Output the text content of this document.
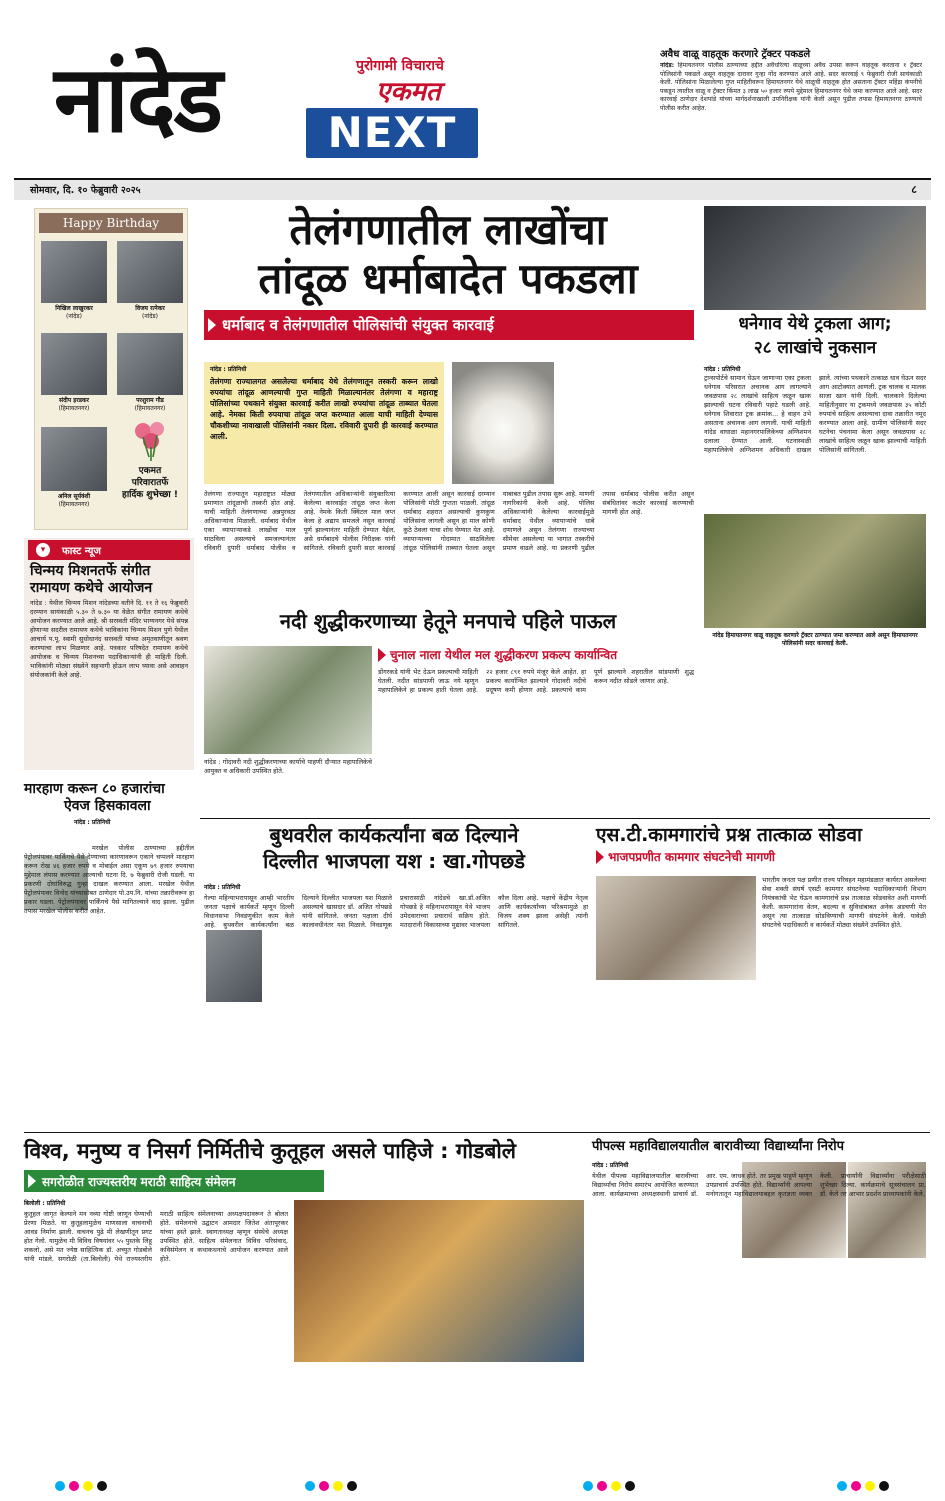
नांदेड	पुरोगामी विचाराचे
एकमत
NEXT
अवैध वाळू वाहतूक करणारे ट्रॅक्टर पकडले
नांदेड: हिमायतनगर पोलीस ठाण्याच्या हद्दीत अवैधरित्या वाळूच्या अवैध उपसा करून वाहतूक करताना १ ट्रॅक्टर पोलिसांनी पकडले असून वाहतूक दारावर गुन्हा नोंद करण्यात आले आहे. सदर कारवाई ९ फेब्रुवारी रोजी सायंकाळी केली. पोलिसांना मिळालेल्या गुप्त माहितीवरून हिमायतनगर येथे वाळूची वाहतूक होत असताना ट्रॅक्टर महिंद्रा कंपनीचे पकडून त्यातील वाळू व ट्रॅक्टर किंमत ३ लाख ५० हजार रुपये मुद्देमाल हिमायतनगर येथे जमा करण्यात आले आहे. सदर कारवाई ठाणेदार देशपांडे यांच्या मार्गदर्शनाखाली उपनिरीक्षक यांनी केली असून पुढील तपास हिमायतनगर ठाण्याचे पोलीस करीत आहेत.
सोमवार, दि. १० फेब्रुवारी २०२५	८
Happy Birthday
निखिल लाखुरकर
(नांदेड)
विजय रत्नेकर
(नांदेड)
संदीप इरडकर
(हिमायतनगर)
परशुराम गौड
(हिमायतनगर)
अनिल सूर्यवंशी
(हिमायतनगर)
एकमत
परिवारातर्फे
हार्दिक शुभेच्छा !
▾	फास्ट न्यूज
चिन्मय मिशनतर्फे संगीत
रामायण कथेचे आयोजन
नांदेड : येथील चिन्मय मिशन नांदेडच्या वतीने दि. ११ ते १६ फेब्रुवारी दरम्यान सायंकाळी ५.३० ते ७.३० या वेळेत संगीत रामायण कथेचे आयोजन करण्यात आले आहे. श्री सरस्वती मंदिर भाग्यनगर येथे संपन्न होणाऱ्या सदरील रामायण कथेचे भाविकांना चिन्मय मिशन पुणे येथील आचार्य प.पू. स्वामी सुधोधानंद सरस्वती यांच्या अमृतवाणीतून श्रवण करण्याचा लाभ मिळणार आहे. पत्रकार परिषदेत रामायण कथेचे आयोजक व चिन्मय मिशनच्या पदाधिकाऱ्यांनी ही माहिती दिली. भाविकांनी मोठ्या संख्येने सहभागी होऊन लाभ घ्यावा असे आवाहन संयोजकांनी केले आहे.
मारहाण करून ८० हजारांचा
ऐवज हिसकावला
नांदेड : प्रतिनिधी
मरखेल पोलीस ठाण्याच्या हद्दीतील पेट्रोलपंपावर पार्किंगचे पैसे देण्याच्या कारणावरून एकाने चप्पलने मारहाण करून रोख ४६ हजार रुपये व मोबाईल असा एकूण ७९ हजार रुपयाचा मुद्देमाल लंपास करण्यात आल्याची घटना दि. ७ फेब्रुवारी रोजी घडली. या प्रकरणी दोघांविरुद्ध गुन्हा दाखल करण्यात आला. मरखेल येथील पेट्रोलपंपावर विनोद यांच्यासोबत ठाणेदार पो.उप.नि. यांच्या तक्रारीवरून हा प्रकार घडला. पेट्रोलपंपावर पार्किंगचे पैसे मागितल्याने वाद झाला. पुढील तपास मरखेल पोलीस करीत आहेत.
तेलंगणातील लाखोंचा
तांदूळ धर्माबादेत पकडला
धर्माबाद व तेलंगणातील पोलिसांची संयुक्त कारवाई
नांदेड : प्रतिनिधी
तेलंगणा राज्यालगत असलेल्या धर्माबाद येथे तेलंगणातून तस्करी करून लाखो रुपयांचा तांदूळ आणल्याची गुप्त माहिती मिळाल्यानंतर तेलंगणा व महाराष्ट्र पोलिसांच्या पथकाने संयुक्त कारवाई करीत लाखो रुपयांचा तांदूळ ताब्यात घेतला आहे. नेमका किती रुपयाचा तांदूळ जप्त करण्यात आला याची माहिती देण्यास चौकशीच्या नावाखाली पोलिसांनी नकार दिला. रविवारी दुपारी ही कारवाई करण्यात आली.
तेलंगणा राज्यातून महाराष्ट्रात मोठ्या प्रमाणात तांदूळाची तस्करी होत आहे. याची माहिती तेलंगणाच्या अन्नपुरवठा अधिकाऱ्यांना मिळाली. धर्माबाद येथील एका व्यापाऱ्याकडे लाखोंचा माल साठविला असल्याचे समजल्यानंतर रविवारी दुपारी धर्माबाद पोलीस व तेलंगणातील अधिकाऱ्यांनी संयुक्तरित्या केलेल्या कारवाईत तांदूळ जप्त केला आहे. नेमके किती क्विंटल माल जप्त केला हे अद्याप समजले नसून कारवाई पूर्ण झाल्यानंतर माहिती देण्यात येईल, असे धर्माबादचे पोलीस निरीक्षक यांनी सांगितले. रविवारी दुपारी सदर कारवाई करण्यात आली असून कारवाई दरम्यान पोलिसांनी मोठी गुप्तता पाळली. तांदूळ धर्माबाद शहरात असल्याची कुणकुण पोलिसांना लागली असून हा माल कोणी कुठे ठेवला याचा शोध घेण्यात येत आहे. व्यापाऱ्याच्या गोदामात साठविलेला तांदूळ पोलिसांनी ताब्यात घेतला असून याबाबत पुढील तपास सुरू आहे. माणगी नागरिकांनी केली आहे. पोलिस अधिकाऱ्यांनी केलेल्या कारवाईमुळे धर्माबाद येथील व्यापाऱ्यांचे धाबे दणाणले असून तेलंगणा राज्याच्या सीमेवर असलेल्या या भागात तस्करीचे प्रमाण वाढले आहे. या प्रकरणी पुढील तपास धर्माबाद पोलीस करीत असून संबंधितांवर कठोर कारवाई करण्याची मागणी होत आहे.
धनेगाव येथे ट्रकला आग;
२८ लाखांचे नुकसान
नांदेड : प्रतिनिधी
ट्रान्सपोर्टचे सामान घेऊन जाणाऱ्या एका ट्रकला धनेगाव परिसरात अचानक आग लागल्याने जवळपास २८ लाखांचे साहित्य जळून खाक झाल्याची घटना रविवारी पहाटे घडली आहे. धनेगाव शिवारात ट्रक क्रमांक... हे वाहन उभे असताना अचानक आग लागली. याची माहिती नांदेड वाघाळा महानगरपालिकेच्या अग्निशमन दलाला देण्यात आली. घटनास्थळी महापालिकेचे अग्निशमन अधिकारी दाखल झाले. त्यांच्या पथकाने तत्काळ धाव घेऊन सदर आग आटोक्यात आणली. ट्रक चालक व मालक साजा खान यांनी दिली. चालकाने दिलेल्या माहितीनुसार या ट्रकमध्ये जवळपास ३५ कोटी रुपयांचे साहित्य असल्याचा दावा तक्रारीत नमूद करण्यात आला आहे. ग्रामीण पोलिसांनी सदर घटनेचा पंचनामा केला असून जवळपास २८ लाखांचे साहित्य जळून खाक झाल्याची माहिती पोलिसांनी सांगितली.
नांदेड हिमायतनगर वाळू वाहतूक करणारे ट्रॅक्टर ठाण्यात जमा करण्यात आले असून हिमायतनगर पोलिसांनी सदर कारवाई केली.
नदी शुद्धीकरणाच्या हेतूने मनपाचे पहिले पाऊल
नांदेड : गोदावरी नदी शुद्धीकरणाच्या कार्याचे पाहणी दौऱ्यात महापालिकेचे आयुक्त व अधिकारी उपस्थित होते.
चुनाल नाला येथील मल शुद्धीकरण प्रकल्प कार्यान्वित
डोंगरकडे यांनी भेट देऊन प्रकल्पाची माहिती घेतली. नदीत सांडपाणी जाऊ नये म्हणून महापालिकेने हा प्रकल्प हाती घेतला आहे. २२ हजार ८९१ रुपये मंजूर केले आहेत. हा प्रकल्प कार्यान्वित झाल्याने गोदावरी नदीचे प्रदूषण कमी होणार आहे. प्रकल्पाचे काम पूर्ण झाल्याने शहरातील सांडपाणी शुद्ध करून नदीत सोडले जाणार आहे.
बुथवरील कार्यकर्त्यांना बळ दिल्याने
दिल्लीत भाजपला यश : खा.गोपछडे
नांदेड : प्रतिनिधी
गेल्या महिन्याभरापासून आम्ही भारतीय जनता पक्षाचे कार्यकर्ते म्हणून दिल्ली विधानसभा निवडणुकीत काम केले आहे. बुथवरील कार्यकर्त्यांना बळ दिल्याने दिल्लीत भाजपला यश मिळाले असल्याचे खासदार डॉ. अजित गोपछडे यांनी सांगितले. जनता पक्षाला दीर्घ कालावधीनंतर यश मिळाले. निवडणूक प्रचारासाठी नांदेडचे खा.डॉ.अजित गोपछडे हे महिनाभरापासून येथे भाजप उमेदवाराच्या प्रचारार्थ सक्रिय होते. मतदारांनी विकासाच्या मुद्यावर भाजपला कौल दिला आहे. पक्षाचे केंद्रीय नेतृत्व आणि कार्यकर्त्यांच्या परिश्रमामुळे हा विजय शक्य झाला असेही त्यांनी सांगितले.
एस.टी.कामगारांचे प्रश्न तात्काळ सोडवा
भाजपप्रणीत कामगार संघटनेची मागणी
भारतीय जनता पक्ष प्रणीत राज्य परिवहन महामंडळात कार्यरत असलेल्या सेवा शक्ती संघर्ष एसटी कामगार संघटनेच्या पदाधिकाऱ्यांनी विभाग नियंत्रकांची भेट घेऊन कामगारांचे प्रश्न तात्काळ सोडवावेत अशी मागणी केली. कामगारांना वेतन, बदल्या व सुविधांबाबत अनेक अडचणी येत असून त्या तात्काळ सोडविण्याची मागणी संघटनेने केली. यावेळी संघटनेचे पदाधिकारी व कार्यकर्ते मोठ्या संख्येने उपस्थित होते.
विश्व, मनुष्य व निसर्ग निर्मितीचे कुतूहल असले पाहिजे : गोडबोले
सगरोळीत राज्यस्तरीय मराठी साहित्य संमेलन
बिलोली : प्रतिनिधी
कुतूहल जागृत केल्याने मन नव्या गोष्टी जाणून घेण्याची प्रेरणा मिळते. या कुतूहलामुळेच माणसाला वाचनाची आवड निर्माण झाली. वाचनच पुढे मी लेखणीतून प्रगट होत गेलो. यामुळेच मी विविध विषयांवर ५५ पुस्तके लिहू शकलो, असे मत ज्येष्ठ साहित्यिक डॉ. अच्युत गोडबोले यांनी मांडले. सगरोळी (ता.बिलोली) येथे राज्यस्तरीय मराठी साहित्य संमेलनाच्या अध्यक्षपदावरून ते बोलत होते. संमेलनाचे उद्घाटन आमदार जितेश अंतापूरकर यांच्या हस्ते झाले. स्वागताध्यक्ष म्हणून संस्थेचे अध्यक्ष उपस्थित होते. साहित्य संमेलनात विविध परिसंवाद, कविसंमेलन व कथाकथनाचे आयोजन करण्यात आले होते.
पीपल्स महाविद्यालयातील बारावीच्या विद्यार्थ्यांना निरोप
नांदेड : प्रतिनिधी
येथील पीपल्स महाविद्यालयातील बारावीच्या विद्यार्थ्यांचा निरोप समारंभ आयोजित करण्यात आला. कार्यक्रमाच्या अध्यक्षस्थानी प्राचार्य डॉ. आर. एम. जाधव होते. तर प्रमुख पाहुणे म्हणून उपप्राचार्य उपस्थित होते. विद्यार्थ्यांनी आपल्या मनोगतातून महाविद्यालयाबद्दल कृतज्ञता व्यक्त केली. प्राचार्यांनी विद्यार्थ्यांना परीक्षेसाठी शुभेच्छा दिल्या. कार्यक्रमाचे सूत्रसंचालन प्रा. डॉ. केले तर आभार प्रदर्शन प्राध्यापकांनी केले.
